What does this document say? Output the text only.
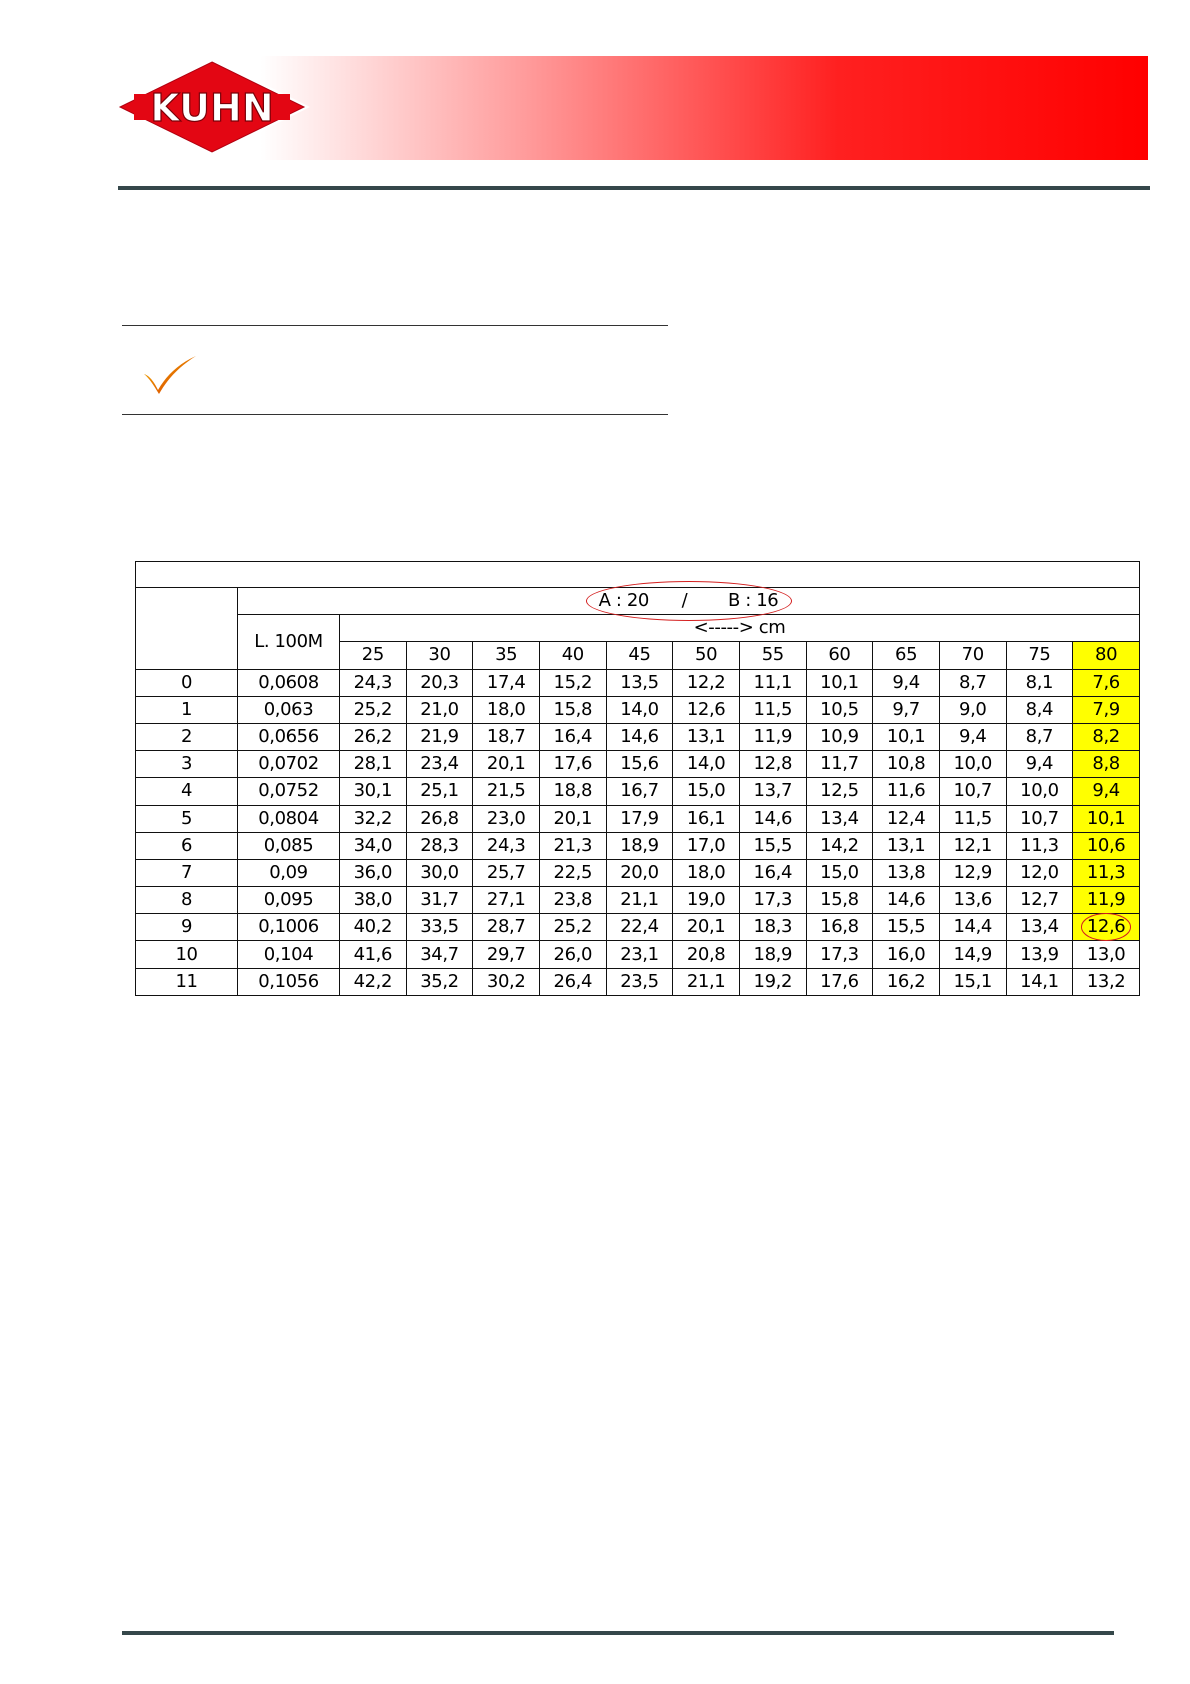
KUHN

A : 20 / B : 16												
	L. 100M	<-----> cm											
		25	30	35	40	45	50	55	60	65	70	75	80
0	0,0608	24,3	20,3	17,4	15,2	13,5	12,2	11,1	10,1	9,4	8,7	8,1	7,6
1	0,063	25,2	21,0	18,0	15,8	14,0	12,6	11,5	10,5	9,7	9,0	8,4	7,9
2	0,0656	26,2	21,9	18,7	16,4	14,6	13,1	11,9	10,9	10,1	9,4	8,7	8,2
3	0,0702	28,1	23,4	20,1	17,6	15,6	14,0	12,8	11,7	10,8	10,0	9,4	8,8
4	0,0752	30,1	25,1	21,5	18,8	16,7	15,0	13,7	12,5	11,6	10,7	10,0	9,4
5	0,0804	32,2	26,8	23,0	20,1	17,9	16,1	14,6	13,4	12,4	11,5	10,7	10,1
6	0,085	34,0	28,3	24,3	21,3	18,9	17,0	15,5	14,2	13,1	12,1	11,3	10,6
7	0,09	36,0	30,0	25,7	22,5	20,0	18,0	16,4	15,0	13,8	12,9	12,0	11,3
8	0,095	38,0	31,7	27,1	23,8	21,1	19,0	17,3	15,8	14,6	13,6	12,7	11,9
9	0,1006	40,2	33,5	28,7	25,2	22,4	20,1	18,3	16,8	15,5	14,4	13,4	12,6
10	0,104	41,6	34,7	29,7	26,0	23,1	20,8	18,9	17,3	16,0	14,9	13,9	13,0
11	0,1056	42,2	35,2	30,2	26,4	23,5	21,1	19,2	17,6	16,2	15,1	14,1	13,2
